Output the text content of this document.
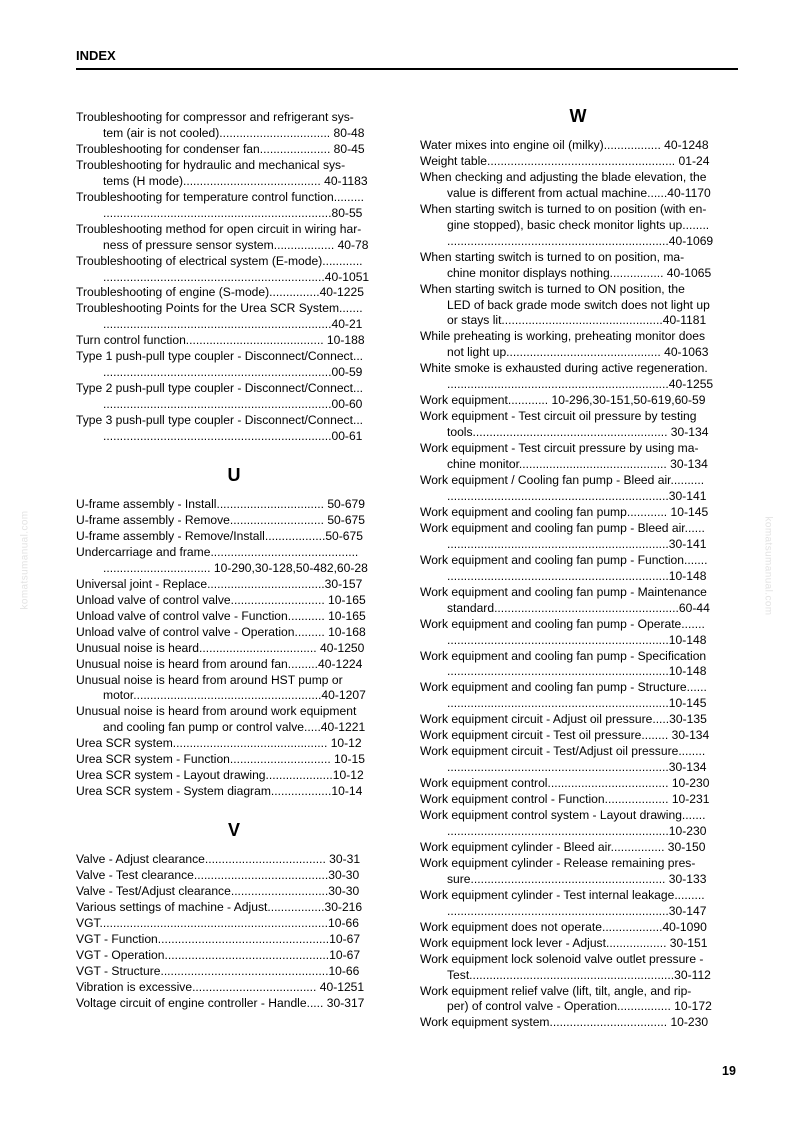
INDEX
Troubleshooting for compressor and refrigerant sys-
tem (air is not cooled)................................. 80-48
Troubleshooting for condenser fan..................... 80-45
Troubleshooting for hydraulic and mechanical sys-
tems (H mode)......................................... 40-1183
Troubleshooting for temperature control function.........
....................................................................80-55
Troubleshooting method for open circuit in wiring har-
ness of pressure sensor system.................. 40-78
Troubleshooting of electrical system (E-mode)............
..................................................................40-1051
Troubleshooting of engine (S-mode)...............40-1225
Troubleshooting Points for the Urea SCR System.......
....................................................................40-21
Turn control function......................................... 10-188
Type 1 push-pull type coupler - Disconnect/Connect...
....................................................................00-59
Type 2 push-pull type coupler - Disconnect/Connect...
....................................................................00-60
Type 3 push-pull type coupler - Disconnect/Connect...
....................................................................00-61
U
U-frame assembly - Install................................ 50-679
U-frame assembly - Remove............................ 50-675
U-frame assembly - Remove/Install..................50-675
Undercarriage and frame............................................
................................ 10-290,30-128,50-482,60-28
Universal joint - Replace...................................30-157
Unload valve of control valve............................ 10-165
Unload valve of control valve - Function........... 10-165
Unload valve of control valve - Operation......... 10-168
Unusual noise is heard................................... 40-1250
Unusual noise is heard from around fan.........40-1224
Unusual noise is heard from around HST pump or
motor........................................................40-1207
Unusual noise is heard from around work equipment
and cooling fan pump or control valve.....40-1221
Urea SCR system.............................................. 10-12
Urea SCR system - Function.............................. 10-15
Urea SCR system - Layout drawing....................10-12
Urea SCR system - System diagram..................10-14
V
Valve - Adjust clearance.................................... 30-31
Valve - Test clearance........................................30-30
Valve - Test/Adjust clearance.............................30-30
Various settings of machine - Adjust.................30-216
VGT....................................................................10-66
VGT - Function...................................................10-67
VGT - Operation.................................................10-67
VGT - Structure..................................................10-66
Vibration is excessive..................................... 40-1251
Voltage circuit of engine controller - Handle..... 30-317
W
Water mixes into engine oil (milky)................. 40-1248
Weight table........................................................ 01-24
When checking and adjusting the blade elevation, the
value is different from actual machine......40-1170
When starting switch is turned to on position (with en-
gine stopped), basic check monitor lights up........
..................................................................40-1069
When starting switch is turned to on position, ma-
chine monitor displays nothing................ 40-1065
When starting switch is turned to ON position, the
LED of back grade mode switch does not light up
or stays lit................................................40-1181
While preheating is working, preheating monitor does
not light up.............................................. 40-1063
White smoke is exhausted during active regeneration.
..................................................................40-1255
Work equipment............ 10-296,30-151,50-619,60-59
Work equipment - Test circuit oil pressure by testing
tools.......................................................... 30-134
Work equipment - Test circuit pressure by using ma-
chine monitor............................................ 30-134
Work equipment / Cooling fan pump - Bleed air..........
..................................................................30-141
Work equipment and cooling fan pump............ 10-145
Work equipment and cooling fan pump - Bleed air......
..................................................................30-141
Work equipment and cooling fan pump - Function.......
..................................................................10-148
Work equipment and cooling fan pump - Maintenance
standard.......................................................60-44
Work equipment and cooling fan pump - Operate.......
..................................................................10-148
Work equipment and cooling fan pump - Specification
..................................................................10-148
Work equipment and cooling fan pump - Structure......
..................................................................10-145
Work equipment circuit - Adjust oil pressure.....30-135
Work equipment circuit - Test oil pressure........ 30-134
Work equipment circuit - Test/Adjust oil pressure........
..................................................................30-134
Work equipment control.................................... 10-230
Work equipment control - Function................... 10-231
Work equipment control system - Layout drawing.......
..................................................................10-230
Work equipment cylinder - Bleed air................ 30-150
Work equipment cylinder - Release remaining pres-
sure.......................................................... 30-133
Work equipment cylinder - Test internal leakage.........
..................................................................30-147
Work equipment does not operate..................40-1090
Work equipment lock lever - Adjust.................. 30-151
Work equipment lock solenoid valve outlet pressure -
Test.............................................................30-112
Work equipment relief valve (lift, tilt, angle, and rip-
per) of control valve - Operation................ 10-172
Work equipment system................................... 10-230
19
komatsumanual.com	komatsumanual.com
